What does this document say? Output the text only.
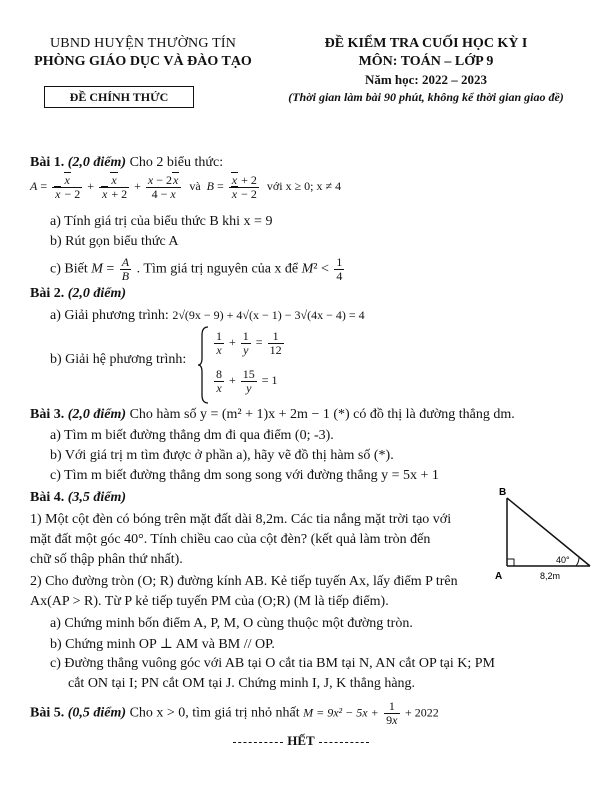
UBND HUYỆN THƯỜNG TÍN
PHÒNG GIÁO DỤC VÀ ĐÀO TẠO
ĐỀ CHÍNH THỨC
ĐỀ KIỂM TRA CUỐI HỌC KỲ I
MÔN: TOÁN – LỚP 9
Năm học: 2022 – 2023
(Thời gian làm bài 90 phút, không kể thời gian giao đề)
Bài 1. (2,0 điểm) Cho 2 biểu thức:
$A = \frac{x}{x - 2} + \frac{x}{x + 2} + \frac{x - 2x}{4 - x}$ và  $B = \frac{x + 2}{x - 2}$ với x ≥ 0; x ≠ 4
a) Tính giá trị của biểu thức B khi x = 9
b) Rút gọn biểu thức A
c) Biết $M = \frac{A}{B}$ . Tìm giá trị nguyên của x để $M^2 < \frac{1}{4}$
Bài 2. (2,0 điểm)
a) Giải phương trình: 2√(9x − 9) + 4√(x − 1) − 3√(4x − 4) = 4
b) Giải hệ phương trình:
$\frac{1}{x} + \frac{1}{y} = \frac{1}{12}$
$\frac{8}{x} + \frac{15}{y} = 1$
Bài 3. (2,0 điểm) Cho hàm số y = (m² + 1)x + 2m − 1 (*) có đồ thị là đường thẳng dm.
a) Tìm m biết đường thẳng dm đi qua điểm (0; -3).
b) Với giá trị m tìm được ở phần a), hãy vẽ đồ thị hàm số (*).
c) Tìm m biết đường thẳng dm song song với đường thẳng y = 5x + 1
Bài 4. (3,5 điểm)
1) Một cột đèn có bóng trên mặt đất dài 8,2m. Các tia nắng mặt trời tạo với
mặt đất một góc 40°. Tính chiều cao của cột đèn? (kết quả làm tròn đến
chữ số thập phân thứ nhất).
2) Cho đường tròn (O; R) đường kính AB. Kẻ tiếp tuyến Ax, lấy điểm P trên
Ax(AP > R). Từ P kẻ tiếp tuyến PM của (O;R) (M là tiếp điểm).
a) Chứng minh bốn điểm A, P, M, O cùng thuộc một đường tròn.
b) Chứng minh OP ⊥ AM và BM // OP.
c) Đường thẳng vuông góc với AB tại O cắt tia BM tại N, AN cắt OP tại K; PM
cắt ON tại I; PN cắt OM tại J. Chứng minh I, J, K thẳng hàng.
B
A	8,2m
40°
Bài 5. (0,5 điểm) Cho x > 0, tìm giá trị nhỏ nhất $M = 9x^2 - 5x + \frac{1}{9x} + 2022$
HẾT
